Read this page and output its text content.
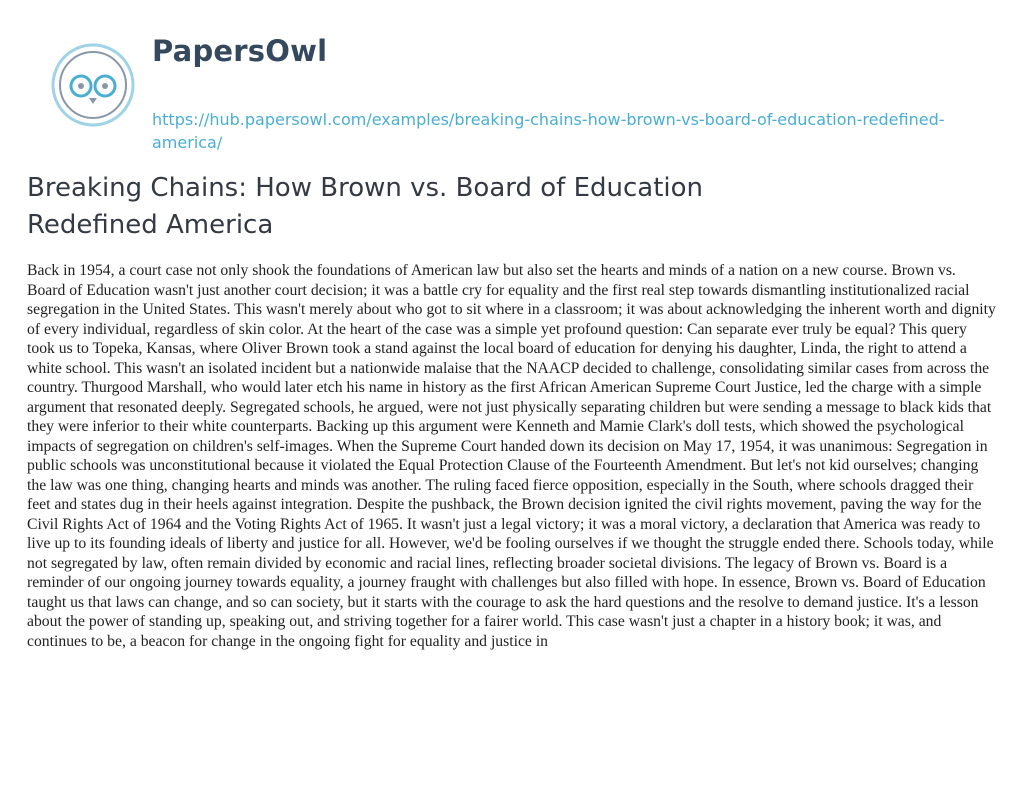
PapersOwl
https://hub.papersowl.com/examples/breaking-chains-how-brown-vs-board-of-education-redefined-america/
Breaking Chains: How Brown vs. Board of Education Redefined America

Back in 1954, a court case not only shook the foundations of American law but also set the hearts and minds of a nation on a new course. Brown vs. Board of Education wasn't just another court decision; it was a battle cry for equality and the first real step towards dismantling institutionalized racial segregation in the United States. This wasn't merely about who got to sit where in a classroom; it was about acknowledging the inherent worth and dignity of every individual, regardless of skin color. At the heart of the case was a simple yet profound question: Can separate ever truly be equal? This query took us to Topeka, Kansas, where Oliver Brown took a stand against the local board of education for denying his daughter, Linda, the right to attend a white school. This wasn't an isolated incident but a nationwide malaise that the NAACP decided to challenge, consolidating similar cases from across the country. Thurgood Marshall, who would later etch his name in history as the first African American Supreme Court Justice, led the charge with a simple argument that resonated deeply. Segregated schools, he argued, were not just physically separating children but were sending a message to black kids that they were inferior to their white counterparts. Backing up this argument were Kenneth and Mamie Clark's doll tests, which showed the psychological impacts of segregation on children's self-images. When the Supreme Court handed down its decision on May 17, 1954, it was unanimous: Segregation in public schools was unconstitutional because it violated the Equal Protection Clause of the Fourteenth Amendment. But let's not kid ourselves; changing the law was one thing, changing hearts and minds was another. The ruling faced fierce opposition, especially in the South, where schools dragged their feet and states dug in their heels against integration. Despite the pushback, the Brown decision ignited the civil rights movement, paving the way for the Civil Rights Act of 1964 and the Voting Rights Act of 1965. It wasn't just a legal victory; it was a moral victory, a declaration that America was ready to live up to its founding ideals of liberty and justice for all. However, we'd be fooling ourselves if we thought the struggle ended there. Schools today, while not segregated by law, often remain divided by economic and racial lines, reflecting broader societal divisions. The legacy of Brown vs. Board is a reminder of our ongoing journey towards equality, a journey fraught with challenges but also filled with hope. In essence, Brown vs. Board of Education taught us that laws can change, and so can society, but it starts with the courage to ask the hard questions and the resolve to demand justice. It's a lesson about the power of standing up, speaking out, and striving together for a fairer world. This case wasn't just a chapter in a history book; it was, and continues to be, a beacon for change in the ongoing fight for equality and justice in
